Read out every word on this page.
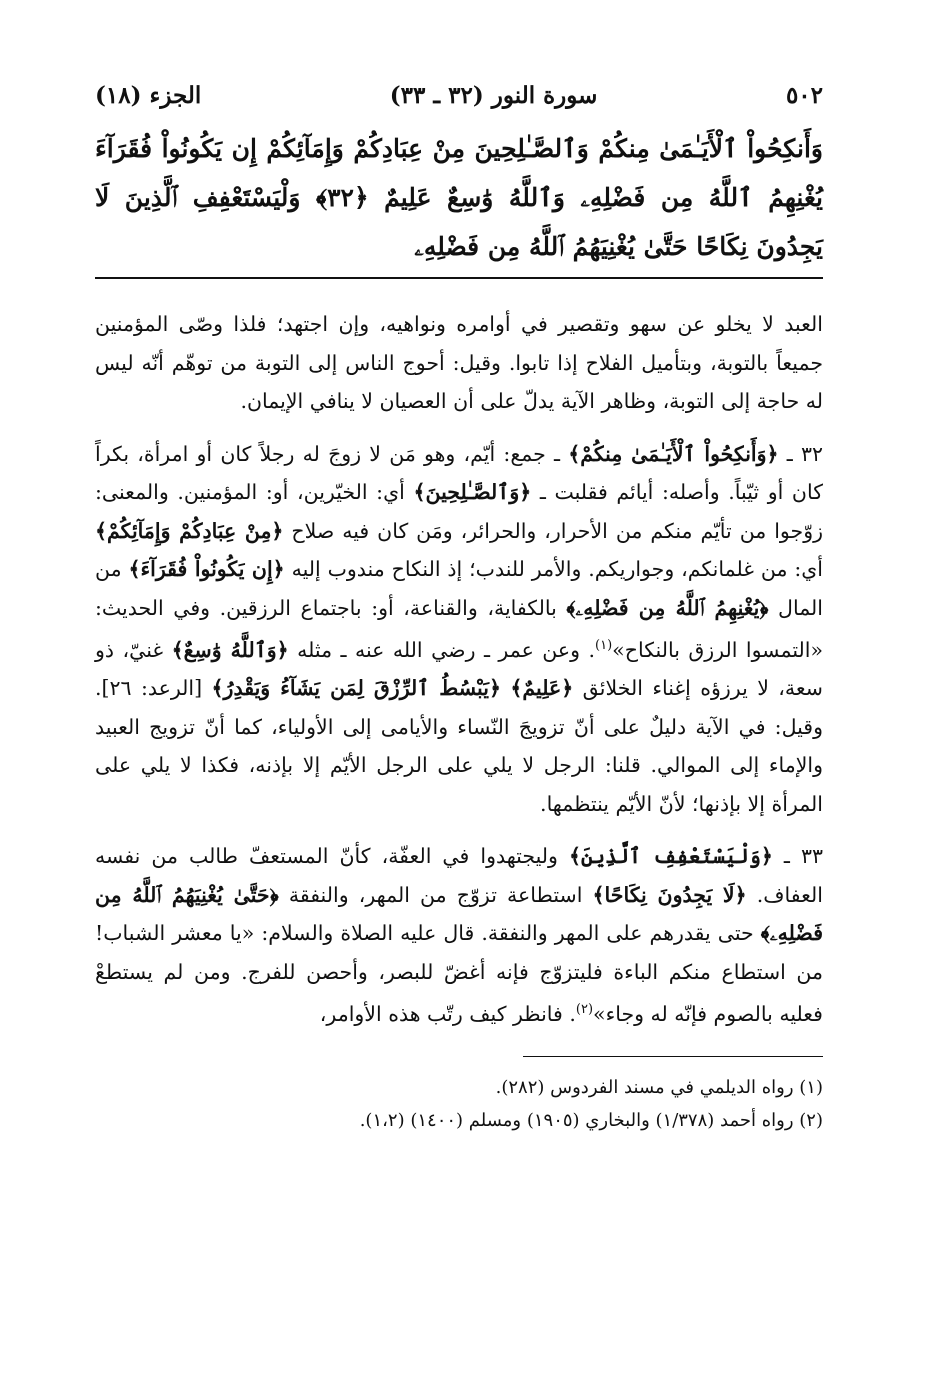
٥٠٢
سورة النور (٣٢ ـ ٣٣)
الجزء (١٨)
وَأَنكِحُواْ ٱلْأَيَـٰمَىٰ مِنكُمْ وَٱلصَّـٰلِحِينَ مِنْ عِبَادِكُمْ وَإِمَآئِكُمْ إِن يَكُونُواْ فُقَرَآءَ يُغْنِهِمُ ٱللَّهُ مِن فَضْلِهِۦ وَٱللَّهُ وَٰسِعٌ عَلِيمٌ ﴿٣٢﴾ وَلْيَسْتَعْفِفِ ٱلَّذِينَ لَا يَجِدُونَ نِكَاحًا حَتَّىٰ يُغْنِيَهُمُ ٱللَّهُ مِن فَضْلِهِۦ

العبد لا يخلو عن سهو وتقصير في أوامره ونواهيه، وإن اجتهد؛ فلذا وصّى المؤمنين جميعاً بالتوبة، وبتأميل الفلاح إذا تابوا. وقيل: أحوج الناس إلى التوبة من توهّم أنّه ليس له حاجة إلى التوبة، وظاهر الآية يدلّ على أن العصيان لا ينافي الإيمان.

٣٢ ـ ﴿وَأَنكِحُواْ ٱلْأَيَـٰمَىٰ مِنكُمْ﴾ ـ جمع: أيّم، وهو مَن لا زوجَ له رجلاً كان أو امرأة، بكراً كان أو ثيّباً. وأصله: أيائم فقلبت ـ ﴿وَٱلصَّـٰلِحِينَ﴾ أي: الخيّرين، أو: المؤمنين. والمعنى: زوّجوا من تأيّم منكم من الأحرار، والحرائر، ومَن كان فيه صلاح ﴿مِنْ عِبَادِكُمْ وَإِمَآئِكُمْ﴾ أي: من غلمانكم، وجواريكم. والأمر للندب؛ إذ النكاح مندوب إليه ﴿إِن يَكُونُواْ فُقَرَآءَ﴾ من المال ﴿يُغْنِهِمُ ٱللَّهُ مِن فَضْلِهِۦ﴾ بالكفاية، والقناعة، أو: باجتماع الرزقين. وفي الحديث: «التمسوا الرزق بالنكاح»$^{(١)}$. وعن عمر ـ رضي الله عنه ـ مثله ﴿وَٱللَّهُ وَٰسِعٌ﴾ غنيّ، ذو سعة، لا يرزؤه إغناء الخلائق ﴿عَلِيمٌ﴾ ﴿يَبْسُطُ ٱلرِّزْقَ لِمَن يَشَآءُ وَيَقْدِرُ﴾ [الرعد: ٢٦]. وقيل: في الآية دليلٌ على أنّ تزويجَ النّساء والأيامى إلى الأولياء، كما أنّ تزويج العبيد والإماء إلى الموالي. قلنا: الرجل لا يلي على الرجل الأيّم إلا بإذنه، فكذا لا يلي على المرأة إلا بإذنها؛ لأنّ الأيّم ينتظمها.

٣٣ ـ ﴿وَلْيَسْتَعْفِفِ ٱلَّذِينَ﴾ وليجتهدوا في العفّة، كأنّ المستعفّ طالب من نفسه العفاف. ﴿لَا يَجِدُونَ نِكَاحًا﴾ استطاعة تزوّج من المهر، والنفقة ﴿حَتَّىٰ يُغْنِيَهُمُ ٱللَّهُ مِن فَضْلِهِۦ﴾ حتى يقدرهم على المهر والنفقة. قال عليه الصلاة والسلام: «يا معشر الشباب! من استطاع منكم الباءة فليتزوّج فإنه أغضّ للبصر، وأحصن للفرج. ومن لم يستطعْ فعليه بالصوم فإنّه له وجاء»$^{(٢)}$. فانظر كيف رتّب هذه الأوامر،

(١) رواه الديلمي في مسند الفردوس (٢٨٢).
(٢) رواه أحمد (١/٣٧٨) والبخاري (١٩٠٥) ومسلم (١٤٠٠) (١،٢).
